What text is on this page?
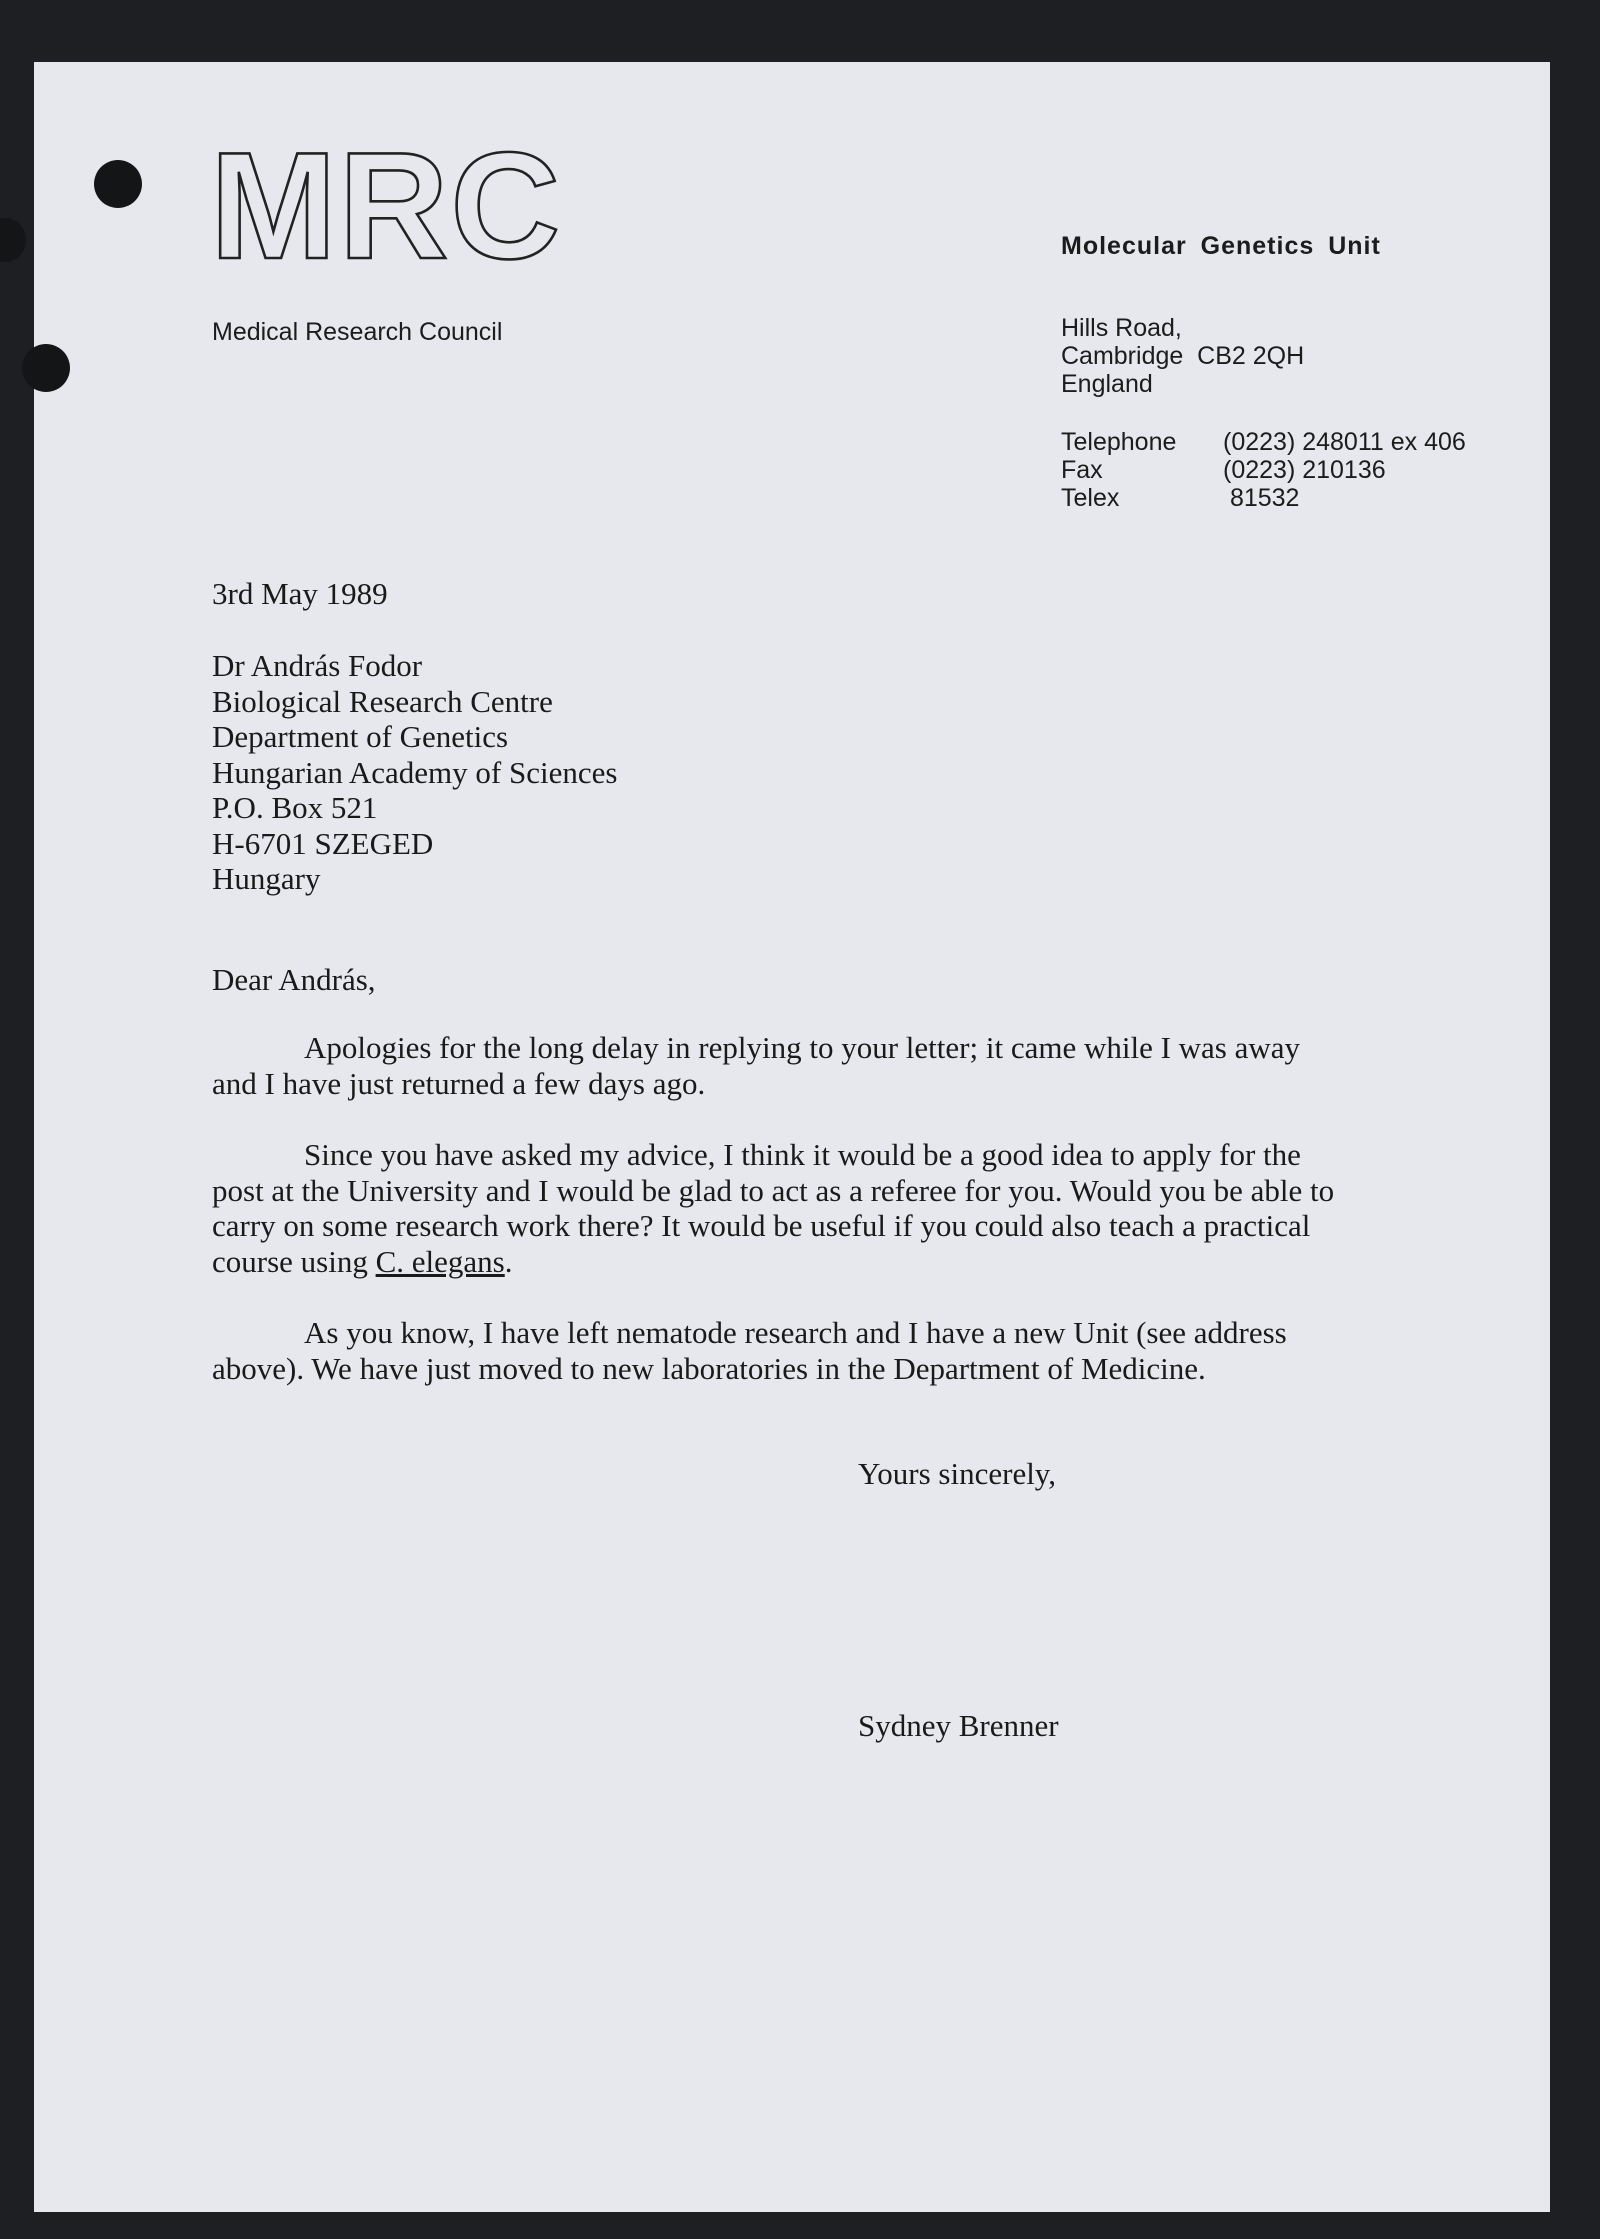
MRC
Medical Research Council
Molecular Genetics Unit
Hills Road,
Cambridge  CB2 2QH
England
Telephone	(0223) 248011 ex 406
Fax	(0223) 210136
Telex	81532
3rd May 1989
Dr András Fodor
Biological Research Centre
Department of Genetics
Hungarian Academy of Sciences
P.O. Box 521
H-6701 SZEGED
Hungary
Dear András,

Apologies for the long delay in replying to your letter; it came while I was away and I have just returned a few days ago.

Since you have asked my advice, I think it would be a good idea to apply for the post at the University and I would be glad to act as a referee for you. Would you be able to carry on some research work there? It would be useful if you could also teach a practical course using C. elegans.

As you know, I have left nematode research and I have a new Unit (see address above). We have just moved to new laboratories in the Department of Medicine.

Yours sincerely,
Sydney Brenner
